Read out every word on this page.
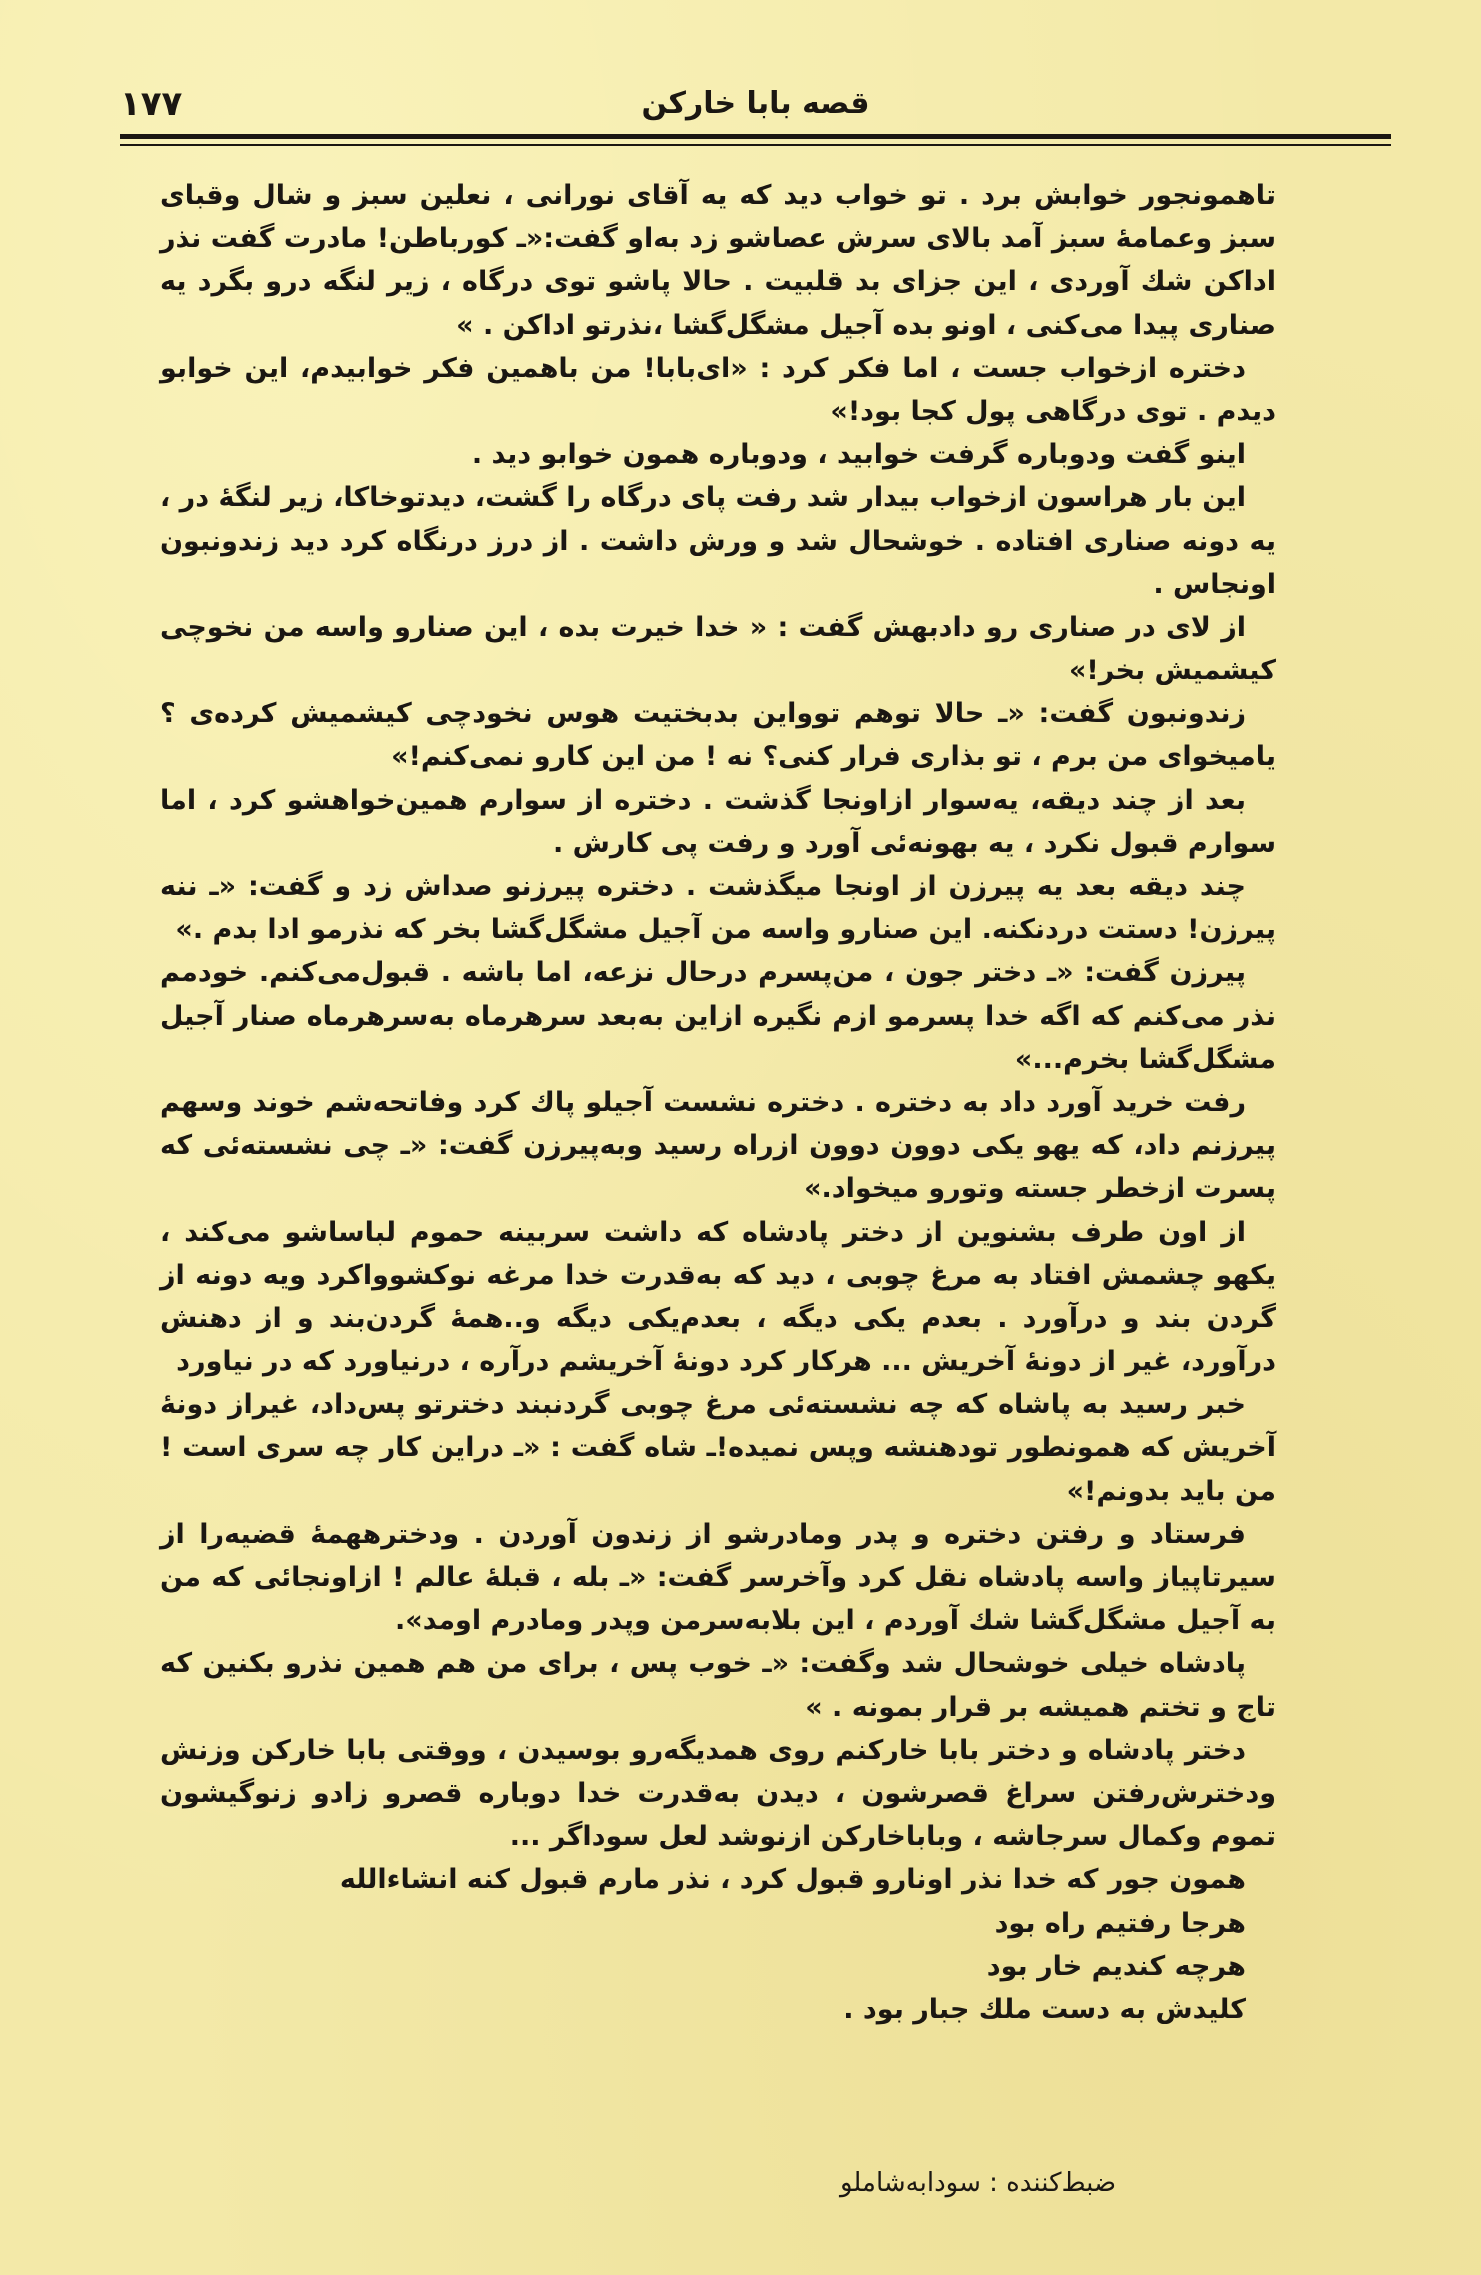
۱۷۷	قصه بابا خارکن

تاهمونجور خوابش برد . تو خواب دید که یه آقای نورانی ، نعلین سبز و شال وقبای سبز وعمامهٔ سبز آمد بالای سرش عصاشو زد به‌او گفت:«ـ کورباطن! مادرت گفت نذر اداکن شك آوردی ، این جزای بد قلبیت . حالا پاشو توی درگاه ، زیر لنگه درو بگرد یه صناری پیدا می‌کنی ، اونو بده آجیل مشگل‌گشا ،نذرتو اداکن . »

دختره ازخواب جست ، اما فکر کرد : «ای‌بابا! من باهمین فکر خوابیدم، این خوابو دیدم . توی درگاهی پول کجا بود!»

اینو گفت ودوباره گرفت خوابید ، ودوباره همون خوابو دید .

این بار هراسون ازخواب بیدار شد رفت پای درگاه را گشت، دیدتوخاکا، زیر لنگهٔ در ، یه دونه صناری افتاده . خوشحال شد و ورش داشت . از درز درنگاه کرد دید زندونبون اونجاس .

از لای در صناری رو دادبهش گفت : « خدا خیرت بده ، این صنارو واسه من نخوچی کیشمیش بخر!»

زندونبون گفت: «ـ حالا توهم توواین بدبختیت هوس نخودچی کیشمیش کرده‌ی ؟ یامیخوای من برم ، تو بذاری فرار کنی؟ نه ! من این کارو نمی‌کنم!»

بعد از چند دیقه، یه‌سوار ازاونجا گذشت . دختره از سوارم همین‌خواهشو کرد ، اما سوارم قبول نکرد ، یه بهونه‌ئی آورد و رفت پی کارش .

چند دیقه بعد یه پیرزن از اونجا میگذشت . دختره پیرزنو صداش زد و گفت: «ـ ننه پیرزن! دستت دردنکنه. این صنارو واسه من آجیل مشگل‌گشا بخر که نذرمو ادا بدم .»

پیرزن گفت: «ـ دختر جون ، من‌پسرم درحال نزعه، اما باشه . قبول‌می‌کنم. خودمم نذر می‌کنم که اگه خدا پسرمو ازم نگیره ازاین به‌بعد سرهرماه به‌سرهرماه صنار آجیل مشگل‌گشا بخرم...»

رفت خرید آورد داد به دختره . دختره نشست آجیلو پاك کرد وفاتحه‌شم خوند وسهم پیرزنم داد، که یهو یکی دوون دوون ازراه رسید وبه‌پیرزن گفت: «ـ چی نشسته‌ئی که پسرت ازخطر جسته وتورو میخواد.»

از اون طرف بشنوین از دختر پادشاه که داشت سربینه حموم لباساشو می‌کند ، یکهو چشمش افتاد به مرغ چوبی ، دید که به‌قدرت خدا مرغه نوکشوواکرد ویه دونه از گردن بند و درآورد . بعدم یکی دیگه ، بعدم‌یکی دیگه و..همهٔ گردن‌بند و از دهنش درآورد، غیر از دونهٔ آخریش ... هرکار کرد دونهٔ آخریشم درآره ، درنیاورد که در نیاورد

خبر رسید به پاشاه که چه نشسته‌ئی مرغ چوبی گردنبند دخترتو پس‌داد، غیراز دونهٔ آخریش که همونطور تودهنشه وپس نمیده!ـ شاه گفت : «ـ دراین کار چه سری است ! من باید بدونم!»

فرستاد و رفتن دختره و پدر ومادرشو از زندون آوردن . ودخترههمهٔ قضیه‌را از سیرتاپیاز واسه پادشاه نقل کرد وآخرسر گفت: «ـ بله ، قبلهٔ عالم ! ازاونجائی که من به آجیل مشگل‌گشا شك آوردم ، این بلابه‌سرمن وپدر ومادرم اومد».

پادشاه خیلی خوشحال شد وگفت: «ـ خوب پس ، برای من هم همین نذرو بکنین که تاج و تختم همیشه بر قرار بمونه . »

دختر پادشاه و دختر بابا خارکنم روی همدیگه‌رو بوسیدن ، ووقتی بابا خارکن وزنش ودخترش‌رفتن سراغ قصرشون ، دیدن به‌قدرت خدا دوباره قصرو زادو زنوگیشون تموم وکمال سرجاشه ، وباباخارکن ازنوشد لعل سوداگر ...

همون جور که خدا نذر اونارو قبول کرد ، نذر مارم قبول کنه انشاءالله

هرجا رفتیم راه بود
هرچه کندیم خار بود
کلیدش به دست ملك جبار بود .
ضبط‌کننده : سودابه‌شاملو
